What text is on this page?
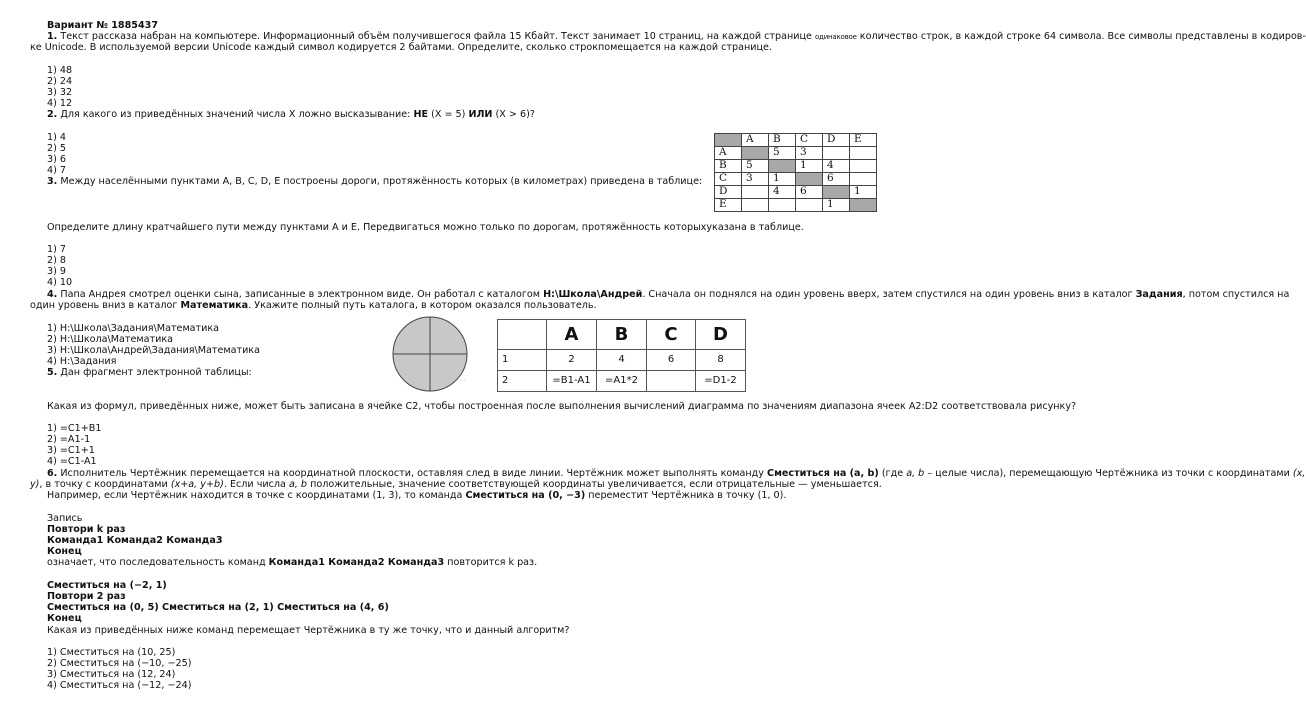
Вариант № 1885437
1. Текст рассказа набран на компьютере. Информационный объём получившегося файла 15 Кбайт. Текст занимает 10 страниц, на каждой странице одинаковое количество строк, в каждой строке 64 символа. Все символы представлены в кодиров-
ке Unicode. В используемой версии Unicode каждый символ кодируется 2 байтами. Определите, сколько строкпомещается на каждой странице.
1) 48
2) 24
3) 32
4) 12
2. Для какого из приведённых значений числа X ложно высказывание: НЕ (X = 5) ИЛИ (X > 6)?
1) 4
2) 5
3) 6
4) 7
3. Между населёнными пунктами A, B, C, D, E построены дороги, протяжённость которых (в километрах) приведена в таблице:
	A	B	C	D	E
A		5	3		
B	5		1	4	
C	3	1		6	
D		4	6		1
E				1	
Определите длину кратчайшего пути между пунктами A и E. Передвигаться можно только по дорогам, протяжённость которыхуказана в таблице.
1) 7
2) 8
3) 9
4) 10
4. Папа Андрея смотрел оценки сына, записанные в электронном виде. Он работал с каталогом Н:\Школа\Андрей. Сначала он поднялся на один уровень вверх, затем спустился на один уровень вниз в каталог Задания, потом спустился на
один уровень вниз в каталог Математика. Укажите полный путь каталога, в котором оказался пользователь.
1) H:\Школа\Задания\Математика
2) H:\Школа\Математика
3) H:\Школа\Андрей\Задания\Математика
4) H:\Задания
5. Дан фрагмент электронной таблицы:
·····
	A	B	C	D
1	2	4	6	8
2	=B1-A1	=A1*2		=D1-2
Какая из формул, приведённых ниже, может быть записана в ячейке C2, чтобы построенная после выполнения вычислений диаграмма по значениям диапазона ячеек A2:D2 соответствовала рисунку?
1) =C1+B1
2) =A1-1
3) =C1+1
4) =C1-A1
6. Исполнитель Чертёжник перемещается на координатной плоскости, оставляя след в виде линии. Чертёжник может выполнять команду Сместиться на (a, b) (где a, b – целые числа), перемещающую Чертёжника из точки с координатами (x,
y), в точку с координатами (x+a, y+b). Если числа a, b положительные, значение соответствующей координаты увеличивается, если отрицательные — уменьшается.
Например, если Чертёжник находится в точке с координатами (1, 3), то команда Сместиться на (0, −3) переместит Чертёжника в точку (1, 0).
Запись
Повтори k раз
Команда1 Команда2 Команда3
Конец
означает, что последовательность команд Команда1 Команда2 Команда3 повторится k раз.
Сместиться на (−2, 1)
Повтори 2 раз
Сместиться на (0, 5) Сместиться на (2, 1) Сместиться на (4, 6)
Конец
Какая из приведённых ниже команд перемещает Чертёжника в ту же точку, что и данный алгоритм?
1) Сместиться на (10, 25)
2) Сместиться на (−10, −25)
3) Сместиться на (12, 24)
4) Сместиться на (−12, −24)
